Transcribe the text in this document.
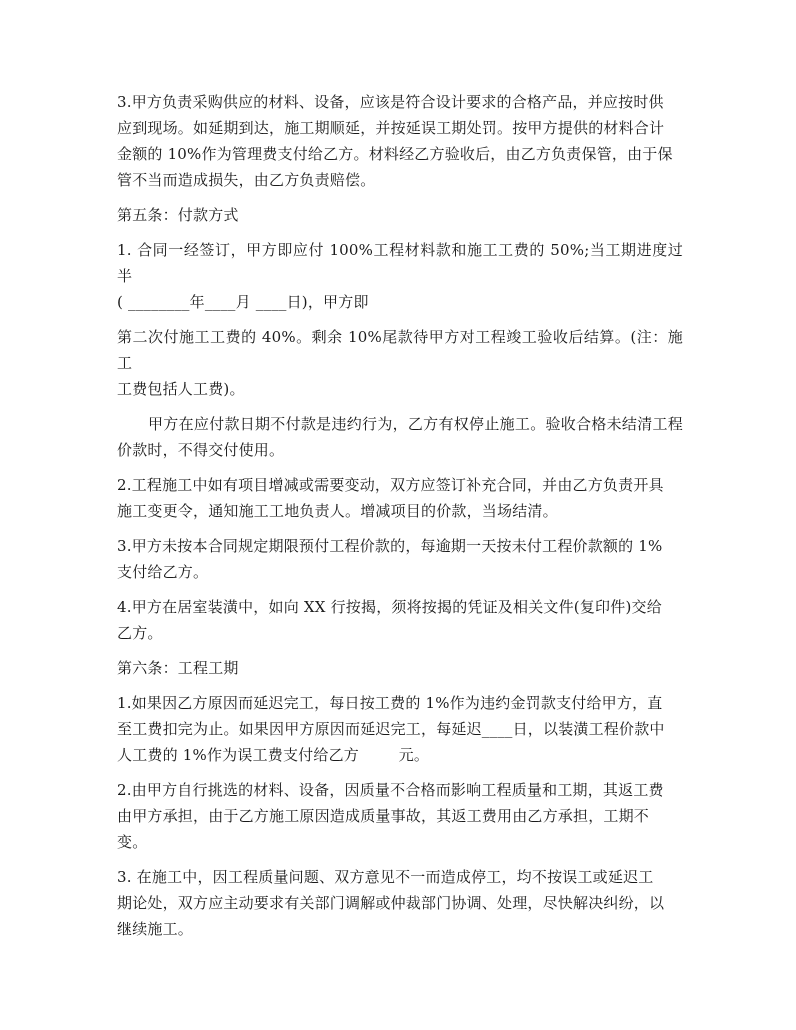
3.甲方负责采购供应的材料、设备，应该是符合设计要求的合格产品，并应按时供
应到现场。如延期到达，施工期顺延，并按延误工期处罚。按甲方提供的材料合计
金额的 10%作为管理费支付给乙方。材料经乙方验收后，由乙方负责保管，由于保
管不当而造成损失，由乙方负责赔偿。

第五条：付款方式

1. 合同一经签订，甲方即应付 100%工程材料款和施工工费的 50%;当工期进度过半
( ________年____月 ____日)，甲方即

第二次付施工工费的 40%。剩余 10%尾款待甲方对工程竣工验收后结算。(注：施工
工费包括人工费)。

甲方在应付款日期不付款是违约行为，乙方有权停止施工。验收合格未结清工程价款时，不得交付使用。

2.工程施工中如有项目增减或需要变动，双方应签订补充合同，并由乙方负责开具
施工变更令，通知施工工地负责人。增减项目的价款，当场结清。

3.甲方未按本合同规定期限预付工程价款的，每逾期一天按未付工程价款额的 1%
支付给乙方。

4.甲方在居室装潢中，如向 XX 行按揭，须将按揭的凭证及相关文件(复印件)交给
乙方。

第六条：工程工期

1.如果因乙方原因而延迟完工，每日按工费的 1%作为违约金罚款支付给甲方，直
至工费扣完为止。如果因甲方原因而延迟完工，每延迟____日，以装潢工程价款中
人工费的 1%作为误工费支付给乙方        元。

2.由甲方自行挑选的材料、设备，因质量不合格而影响工程质量和工期，其返工费
由甲方承担，由于乙方施工原因造成质量事故，其返工费用由乙方承担，工期不
变。

3. 在施工中，因工程质量问题、双方意见不一而造成停工，均不按误工或延迟工
期论处，双方应主动要求有关部门调解或仲裁部门协调、处理，尽快解决纠纷，以
继续施工。
